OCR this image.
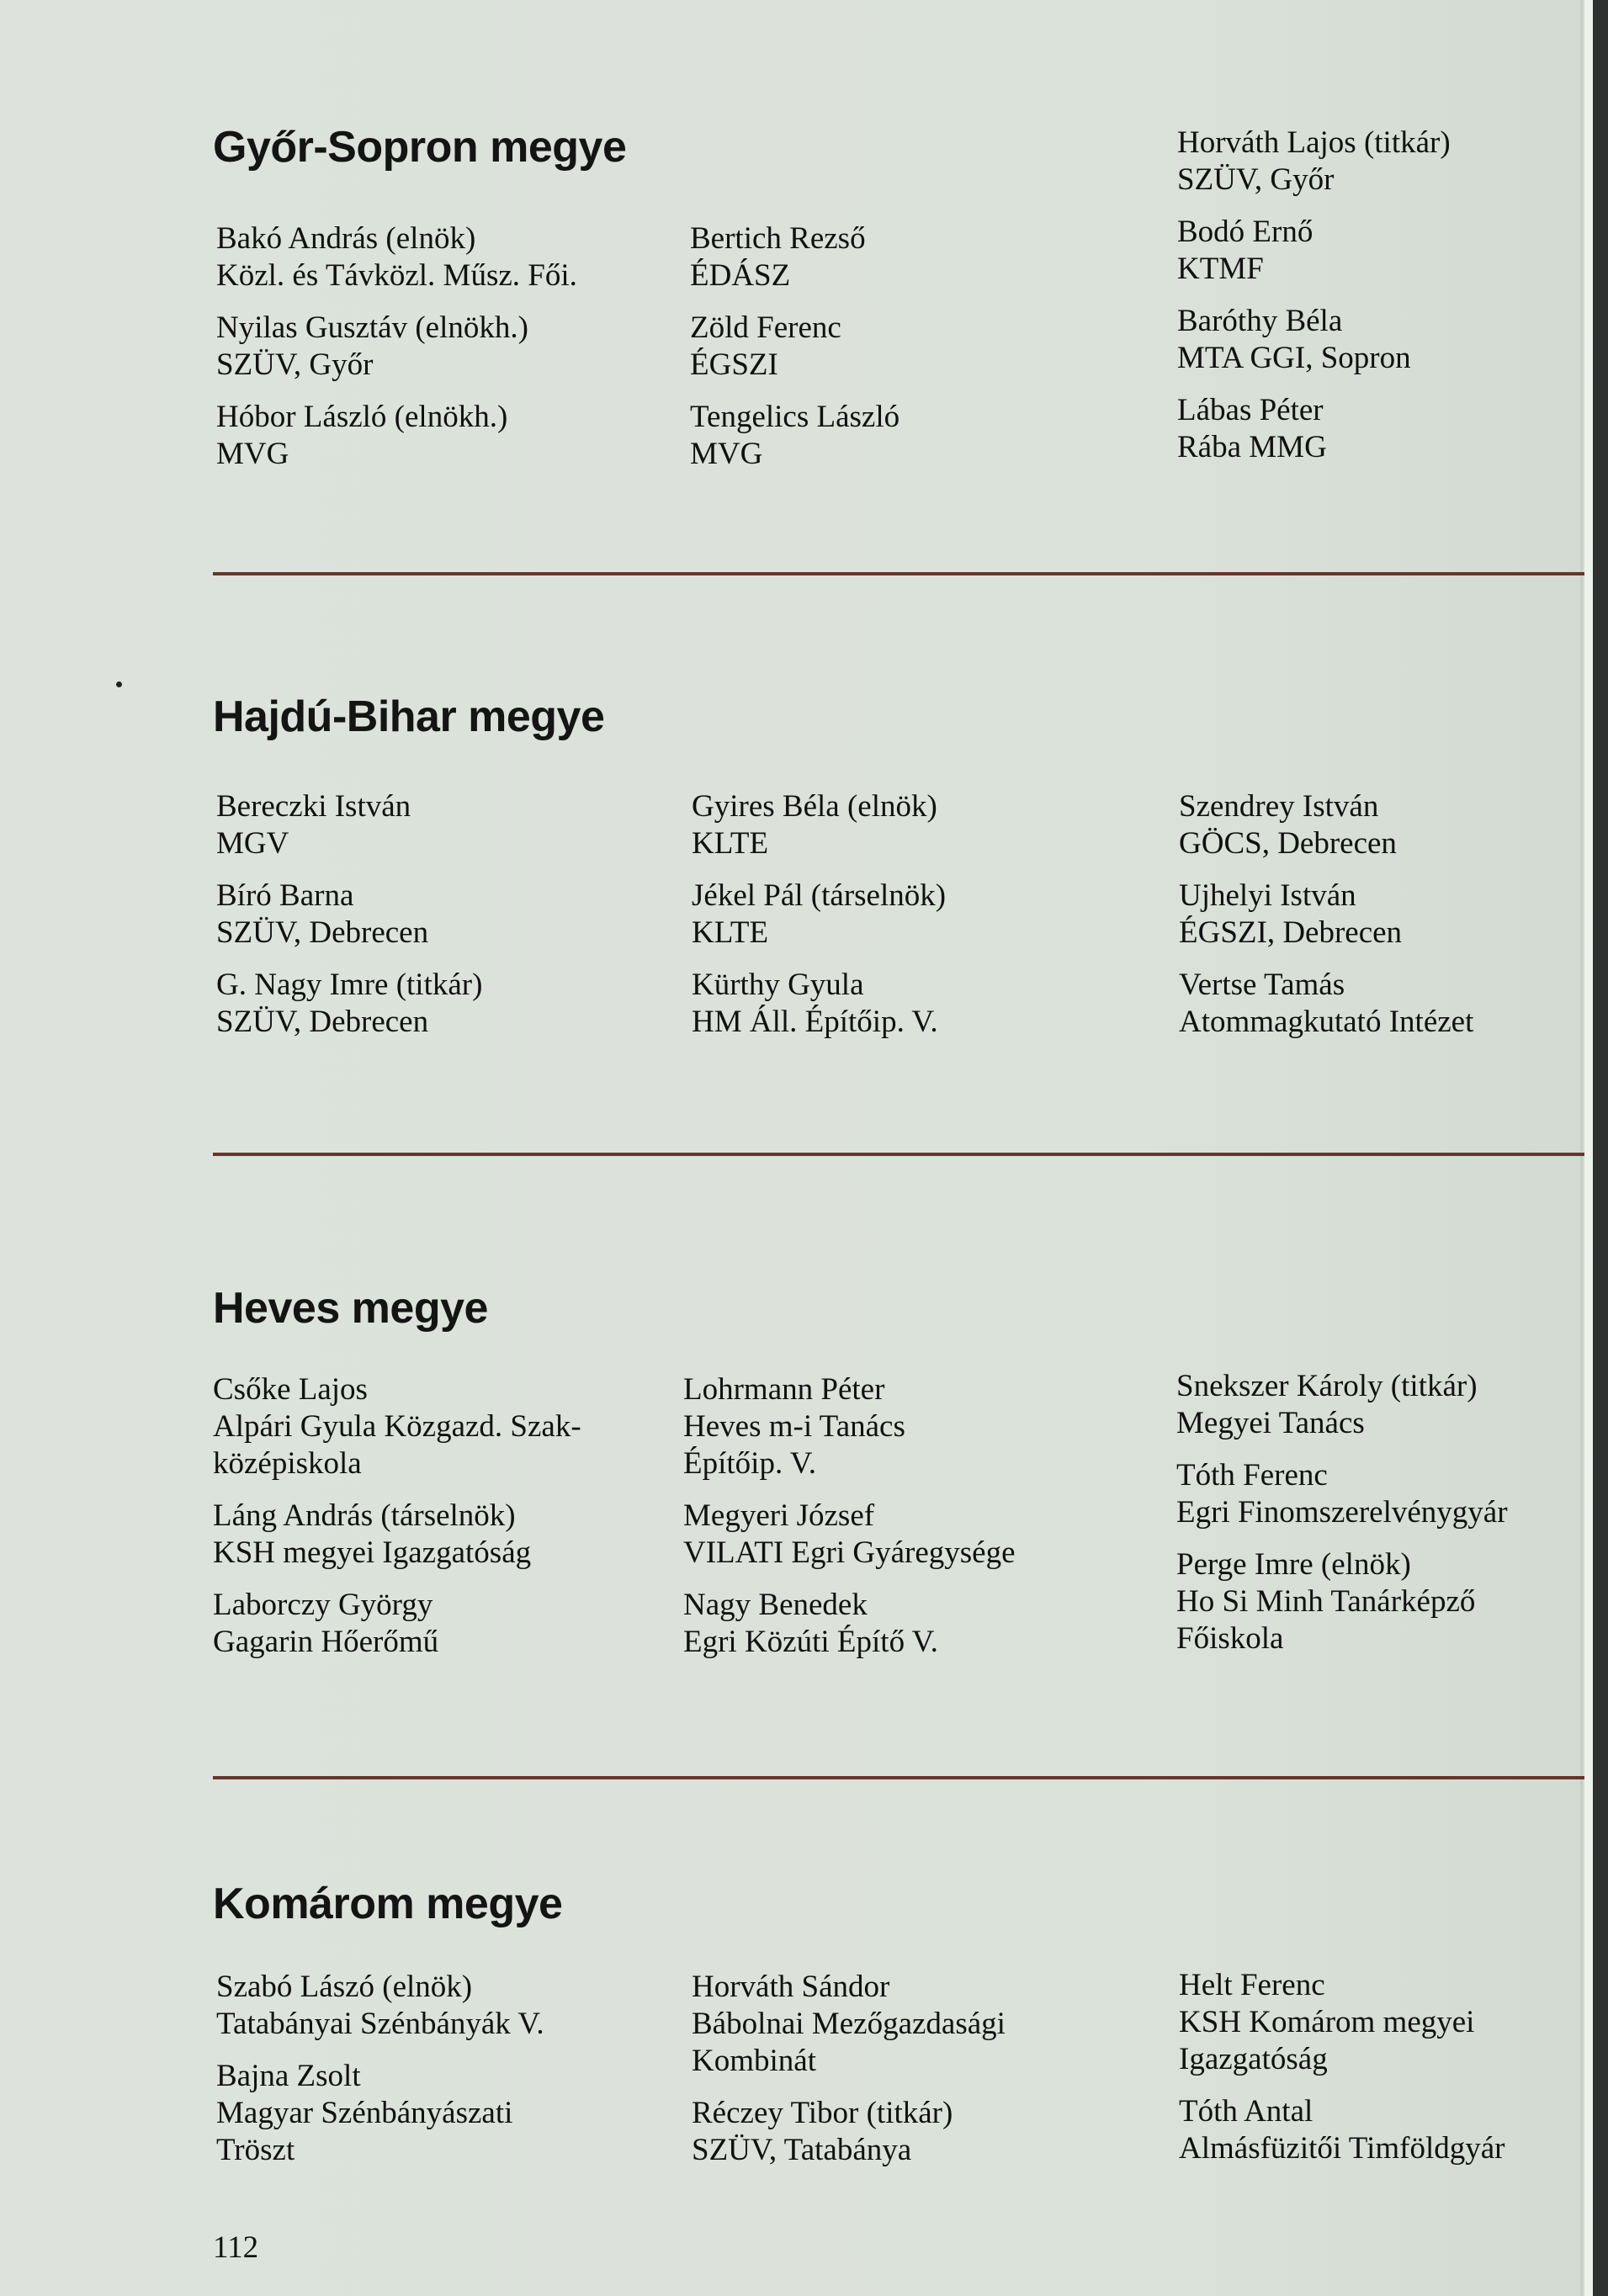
Győr-Sopron megye
Bakó András (elnök)
Közl. és Távközl. Műsz. Fői.
Nyilas Gusztáv (elnökh.)
SZÜV, Győr
Hóbor László (elnökh.)
MVG
Bertich Rezső
ÉDÁSZ
Zöld Ferenc
ÉGSZI
Tengelics László
MVG
Horváth Lajos (titkár)
SZÜV, Győr
Bodó Ernő
KTMF
Baróthy Béla
MTA GGI, Sopron
Lábas Péter
Rába MMG
Hajdú-Bihar megye
Bereczki István
MGV
Bíró Barna
SZÜV, Debrecen
G. Nagy Imre (titkár)
SZÜV, Debrecen
Gyires Béla (elnök)
KLTE
Jékel Pál (társelnök)
KLTE
Kürthy Gyula
HM Áll. Építőip. V.
Szendrey István
GÖCS, Debrecen
Ujhelyi István
ÉGSZI, Debrecen
Vertse Tamás
Atommagkutató Intézet
Heves megye
Csőke Lajos
Alpári Gyula Közgazd. Szak-
középiskola
Láng András (társelnök)
KSH megyei Igazgatóság
Laborczy György
Gagarin Hőerőmű
Lohrmann Péter
Heves m-i Tanács
Építőip. V.
Megyeri József
VILATI Egri Gyáregysége
Nagy Benedek
Egri Közúti Építő V.
Snekszer Károly (titkár)
Megyei Tanács
Tóth Ferenc
Egri Finomszerelvénygyár
Perge Imre (elnök)
Ho Si Minh Tanárképző
Főiskola
Komárom megye
Szabó Lászó (elnök)
Tatabányai Szénbányák V.
Bajna Zsolt
Magyar Szénbányászati
Tröszt
Horváth Sándor
Bábolnai Mezőgazdasági
Kombinát
Réczey Tibor (titkár)
SZÜV, Tatabánya
Helt Ferenc
KSH Komárom megyei
Igazgatóság
Tóth Antal
Almásfüzitői Timföldgyár
112
